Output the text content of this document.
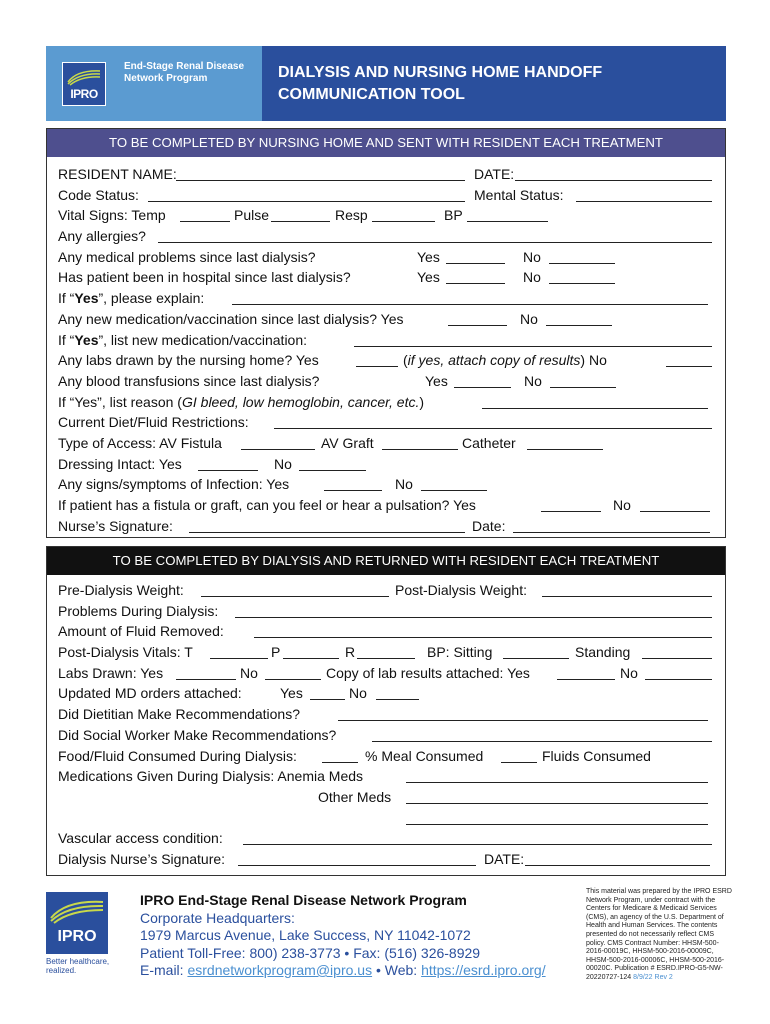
IPRO
End-Stage Renal Disease
Network Program	DIALYSIS AND NURSING HOME HANDOFF
COMMUNICATION TOOL
TO BE COMPLETED BY NURSING HOME AND SENT WITH RESIDENT EACH TREATMENT
RESIDENT NAME:	DATE:
Code Status:	Mental Status:
Vital Signs: Temp	Pulse	Resp	BP
Any allergies?
Any medical problems since last dialysis?	Yes	No
Has patient been in hospital since last dialysis?	Yes	No
If “Yes”, please explain:
Any new medication/vaccination since last dialysis? Yes	No
If “Yes”, list new medication/vaccination:
Any labs drawn by the nursing home? Yes	(if yes, attach copy of results) No
Any blood transfusions since last dialysis?	Yes	No
If “Yes”, list reason (GI bleed, low hemoglobin, cancer, etc.)
Current Diet/Fluid Restrictions:
Type of Access: AV Fistula	AV Graft	Catheter
Dressing Intact: Yes	No
Any signs/symptoms of Infection: Yes	No
If patient has a fistula or graft, can you feel or hear a pulsation? Yes	No
Nurse’s Signature:	Date:
TO BE COMPLETED BY DIALYSIS AND RETURNED WITH RESIDENT EACH TREATMENT
Pre-Dialysis Weight:	Post-Dialysis Weight:
Problems During Dialysis:
Amount of Fluid Removed:
Post-Dialysis Vitals: T	P	R	BP: Sitting	Standing
Labs Drawn: Yes	No	Copy of lab results attached: Yes	No
Updated MD orders attached:	Yes	No
Did Dietitian Make Recommendations?
Did Social Worker Make Recommendations?
Food/Fluid Consumed During Dialysis:	% Meal Consumed	Fluids Consumed
Medications Given During Dialysis: Anemia Meds
Other Meds
Vascular access condition:
Dialysis Nurse’s Signature:	DATE:
IPRO
Better healthcare,
realized.
IPRO End-Stage Renal Disease Network Program
Corporate Headquarters:
1979 Marcus Avenue, Lake Success, NY 11042-1072
Patient Toll-Free: 800) 238-3773 • Fax: (516) 326-8929
E-mail: esrdnetworkprogram@ipro.us • Web: https://esrd.ipro.org/
This material was prepared by the IPRO ESRD Network Program, under contract with the Centers for Medicare & Medicaid Services (CMS), an agency of the U.S. Department of Health and Human Services. The contents presented do not necessarily reflect CMS policy. CMS Contract Number: HHSM-500-2016-00019C, HHSM-500-2016-00009C, HHSM-500-2016-00006C, HHSM-500-2016-00020C. Publication # ESRD.IPRO-G5-NW-20220727-124 8/9/22 Rev 2
